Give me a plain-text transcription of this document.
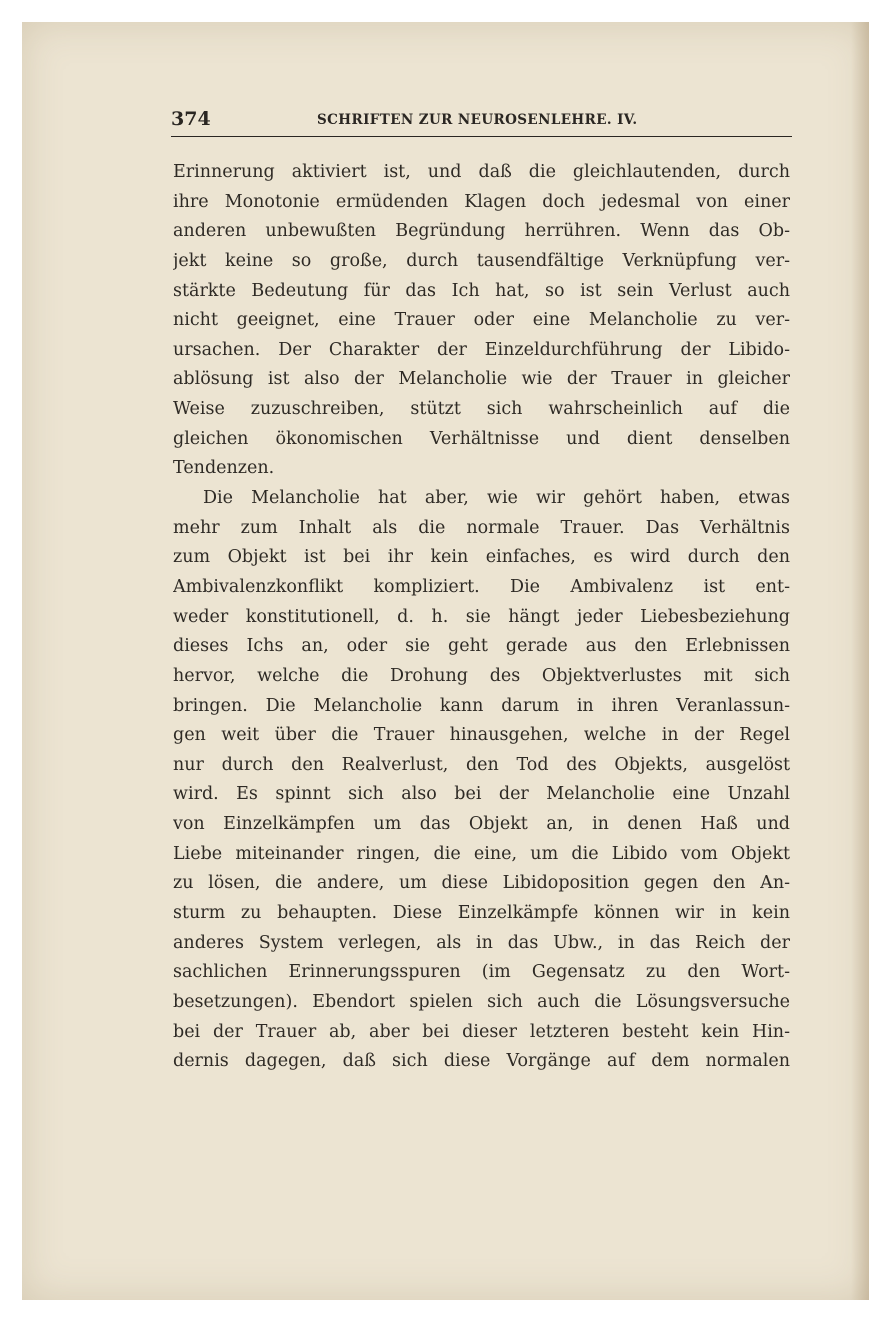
374	SCHRIFTEN ZUR NEUROSENLEHRE. IV.
Erinnerung aktiviert ist, und daß die gleichlautenden, durch
ihre Monotonie ermüdenden Klagen doch jedesmal von einer
anderen unbewußten Begründung herrühren. Wenn das Ob-
jekt keine so große, durch tausendfältige Verknüpfung ver-
stärkte Bedeutung für das Ich hat, so ist sein Verlust auch
nicht geeignet, eine Trauer oder eine Melancholie zu ver-
ursachen. Der Charakter der Einzeldurchführung der Libido-
ablösung ist also der Melancholie wie der Trauer in gleicher
Weise zuzuschreiben, stützt sich wahrscheinlich auf die
gleichen ökonomischen Verhältnisse und dient denselben
Tendenzen.
Die Melancholie hat aber, wie wir gehört haben, etwas
mehr zum Inhalt als die normale Trauer. Das Verhältnis
zum Objekt ist bei ihr kein einfaches, es wird durch den
Ambivalenzkonflikt kompliziert. Die Ambivalenz ist ent-
weder konstitutionell, d. h. sie hängt jeder Liebesbeziehung
dieses Ichs an, oder sie geht gerade aus den Erlebnissen
hervor, welche die Drohung des Objektverlustes mit sich
bringen. Die Melancholie kann darum in ihren Veranlassun-
gen weit über die Trauer hinausgehen, welche in der Regel
nur durch den Realverlust, den Tod des Objekts, ausgelöst
wird. Es spinnt sich also bei der Melancholie eine Unzahl
von Einzelkämpfen um das Objekt an, in denen Haß und
Liebe miteinander ringen, die eine, um die Libido vom Objekt
zu lösen, die andere, um diese Libidoposition gegen den An-
sturm zu behaupten. Diese Einzelkämpfe können wir in kein
anderes System verlegen, als in das Ubw., in das Reich der
sachlichen Erinnerungsspuren (im Gegensatz zu den Wort-
besetzungen). Ebendort spielen sich auch die Lösungsversuche
bei der Trauer ab, aber bei dieser letzteren besteht kein Hin-
dernis dagegen, daß sich diese Vorgänge auf dem normalen
